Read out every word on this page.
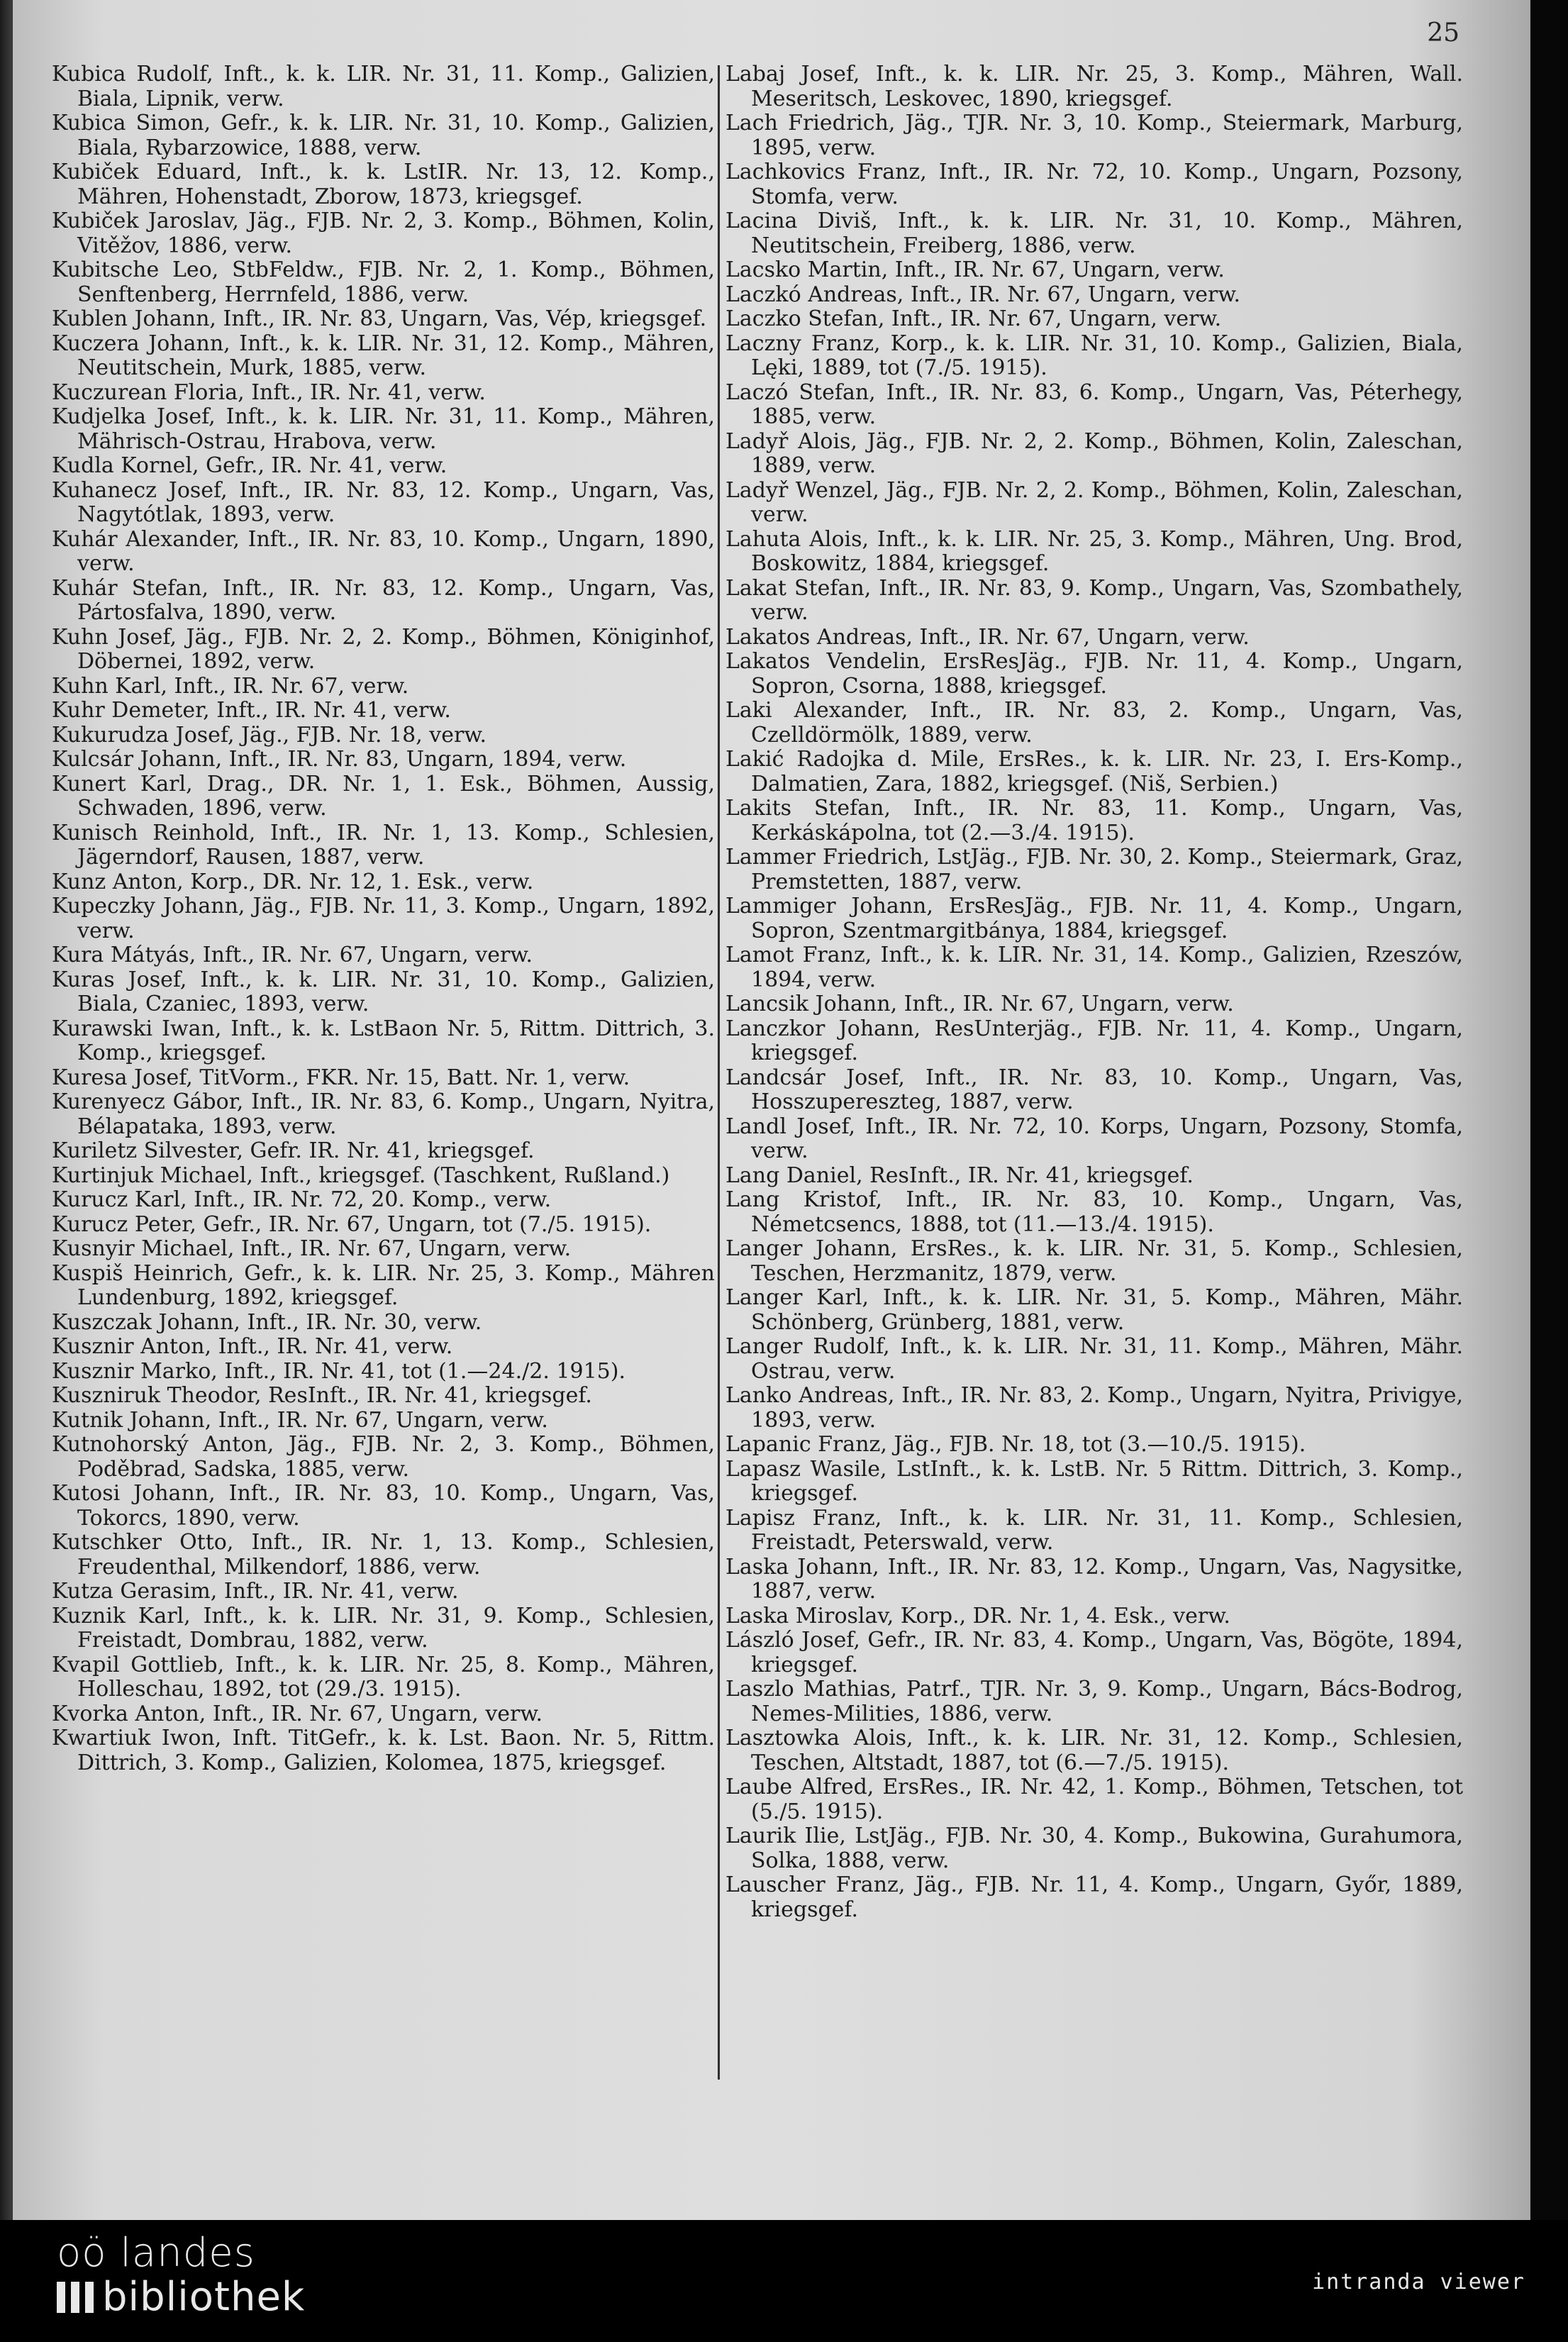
25

Kubica Rudolf, Inft., k. k. LIR. Nr. 31, 11. Komp., Galizien, Biala, Lipnik, verw.

Kubica Simon, Gefr., k. k. LIR. Nr. 31, 10. Komp., Galizien, Biala, Rybarzowice, 1888, verw.

Kubiček Eduard, Inft., k. k. LstIR. Nr. 13, 12. Komp., Mähren, Hohenstadt, Zborow, 1873, kriegsgef.

Kubiček Jaroslav, Jäg., FJB. Nr. 2, 3. Komp., Böhmen, Kolin, Vitěžov, 1886, verw.

Kubitsche Leo, StbFeldw., FJB. Nr. 2, 1. Komp., Böhmen, Senftenberg, Herrnfeld, 1886, verw.

Kublen Johann, Inft., IR. Nr. 83, Ungarn, Vas, Vép, kriegsgef.

Kuczera Johann, Inft., k. k. LIR. Nr. 31, 12. Komp., Mähren, Neutitschein, Murk, 1885, verw.

Kuczurean Floria, Inft., IR. Nr. 41, verw.

Kudjelka Josef, Inft., k. k. LIR. Nr. 31, 11. Komp., Mähren, Mährisch-Ostrau, Hrabova, verw.

Kudla Kornel, Gefr., IR. Nr. 41, verw.

Kuhanecz Josef, Inft., IR. Nr. 83, 12. Komp., Ungarn, Vas, Nagytótlak, 1893, verw.

Kuhár Alexander, Inft., IR. Nr. 83, 10. Komp., Ungarn, 1890, verw.

Kuhár Stefan, Inft., IR. Nr. 83, 12. Komp., Ungarn, Vas, Pártosfalva, 1890, verw.

Kuhn Josef, Jäg., FJB. Nr. 2, 2. Komp., Böhmen, Königinhof, Döbernei, 1892, verw.

Kuhn Karl, Inft., IR. Nr. 67, verw.

Kuhr Demeter, Inft., IR. Nr. 41, verw.

Kukurudza Josef, Jäg., FJB. Nr. 18, verw.

Kulcsár Johann, Inft., IR. Nr. 83, Ungarn, 1894, verw.

Kunert Karl, Drag., DR. Nr. 1, 1. Esk., Böhmen, Aussig, Schwaden, 1896, verw.

Kunisch Reinhold, Inft., IR. Nr. 1, 13. Komp., Schlesien, Jägerndorf, Rausen, 1887, verw.

Kunz Anton, Korp., DR. Nr. 12, 1. Esk., verw.

Kupeczky Johann, Jäg., FJB. Nr. 11, 3. Komp., Ungarn, 1892, verw.

Kura Mátyás, Inft., IR. Nr. 67, Ungarn, verw.

Kuras Josef, Inft., k. k. LIR. Nr. 31, 10. Komp., Galizien, Biala, Czaniec, 1893, verw.

Kurawski Iwan, Inft., k. k. LstBaon Nr. 5, Rittm. Dittrich, 3. Komp., kriegsgef.

Kuresa Josef, TitVorm., FKR. Nr. 15, Batt. Nr. 1, verw.

Kurenyecz Gábor, Inft., IR. Nr. 83, 6. Komp., Ungarn, Nyitra, Bélapataka, 1893, verw.

Kuriletz Silvester, Gefr. IR. Nr. 41, kriegsgef.

Kurtinjuk Michael, Inft., kriegsgef. (Taschkent, Rußland.)

Kurucz Karl, Inft., IR. Nr. 72, 20. Komp., verw.

Kurucz Peter, Gefr., IR. Nr. 67, Ungarn, tot (7./5. 1915).

Kusnyir Michael, Inft., IR. Nr. 67, Ungarn, verw.

Kuspiš Heinrich, Gefr., k. k. LIR. Nr. 25, 3. Komp., Mähren Lundenburg, 1892, kriegsgef.

Kuszczak Johann, Inft., IR. Nr. 30, verw.

Kusznir Anton, Inft., IR. Nr. 41, verw.

Kusznir Marko, Inft., IR. Nr. 41, tot (1.—24./2. 1915).

Kuszniruk Theodor, ResInft., IR. Nr. 41, kriegsgef.

Kutnik Johann, Inft., IR. Nr. 67, Ungarn, verw.

Kutnohorský Anton, Jäg., FJB. Nr. 2, 3. Komp., Böhmen, Poděbrad, Sadska, 1885, verw.

Kutosi Johann, Inft., IR. Nr. 83, 10. Komp., Ungarn, Vas, Tokorcs, 1890, verw.

Kutschker Otto, Inft., IR. Nr. 1, 13. Komp., Schlesien, Freudenthal, Milkendorf, 1886, verw.

Kutza Gerasim, Inft., IR. Nr. 41, verw.

Kuznik Karl, Inft., k. k. LIR. Nr. 31, 9. Komp., Schlesien, Freistadt, Dombrau, 1882, verw.

Kvapil Gottlieb, Inft., k. k. LIR. Nr. 25, 8. Komp., Mähren, Holleschau, 1892, tot (29./3. 1915).

Kvorka Anton, Inft., IR. Nr. 67, Ungarn, verw.

Kwartiuk Iwon, Inft. TitGefr., k. k. Lst. Baon. Nr. 5, Rittm. Dittrich, 3. Komp., Galizien, Kolomea, 1875, kriegsgef.

Labaj Josef, Inft., k. k. LIR. Nr. 25, 3. Komp., Mähren, Wall. Meseritsch, Leskovec, 1890, kriegsgef.

Lach Friedrich, Jäg., TJR. Nr. 3, 10. Komp., Steiermark, Marburg, 1895, verw.

Lachkovics Franz, Inft., IR. Nr. 72, 10. Komp., Ungarn, Pozsony, Stomfa, verw.

Lacina Diviš, Inft., k. k. LIR. Nr. 31, 10. Komp., Mähren, Neutitschein, Freiberg, 1886, verw.

Lacsko Martin, Inft., IR. Nr. 67, Ungarn, verw.

Laczkó Andreas, Inft., IR. Nr. 67, Ungarn, verw.

Laczko Stefan, Inft., IR. Nr. 67, Ungarn, verw.

Laczny Franz, Korp., k. k. LIR. Nr. 31, 10. Komp., Galizien, Biala, Lęki, 1889, tot (7./5. 1915).

Laczó Stefan, Inft., IR. Nr. 83, 6. Komp., Ungarn, Vas, Péterhegy, 1885, verw.

Ladyř Alois, Jäg., FJB. Nr. 2, 2. Komp., Böhmen, Kolin, Zaleschan, 1889, verw.

Ladyř Wenzel, Jäg., FJB. Nr. 2, 2. Komp., Böhmen, Kolin, Zaleschan, verw.

Lahuta Alois, Inft., k. k. LIR. Nr. 25, 3. Komp., Mähren, Ung. Brod, Boskowitz, 1884, kriegsgef.

Lakat Stefan, Inft., IR. Nr. 83, 9. Komp., Ungarn, Vas, Szombathely, verw.

Lakatos Andreas, Inft., IR. Nr. 67, Ungarn, verw.

Lakatos Vendelin, ErsResJäg., FJB. Nr. 11, 4. Komp., Ungarn, Sopron, Csorna, 1888, kriegsgef.

Laki Alexander, Inft., IR. Nr. 83, 2. Komp., Ungarn, Vas, Czelldörmölk, 1889, verw.

Lakić Radojka d. Mile, ErsRes., k. k. LIR. Nr. 23, I. Ers-Komp., Dalmatien, Zara, 1882, kriegsgef. (Niš, Serbien.)

Lakits Stefan, Inft., IR. Nr. 83, 11. Komp., Ungarn, Vas, Kerkáskápolna, tot (2.—3./4. 1915).

Lammer Friedrich, LstJäg., FJB. Nr. 30, 2. Komp., Steiermark, Graz, Premstetten, 1887, verw.

Lammiger Johann, ErsResJäg., FJB. Nr. 11, 4. Komp., Ungarn, Sopron, Szentmargitbánya, 1884, kriegsgef.

Lamot Franz, Inft., k. k. LIR. Nr. 31, 14. Komp., Galizien, Rzeszów, 1894, verw.

Lancsik Johann, Inft., IR. Nr. 67, Ungarn, verw.

Lanczkor Johann, ResUnterjäg., FJB. Nr. 11, 4. Komp., Ungarn, kriegsgef.

Landcsár Josef, Inft., IR. Nr. 83, 10. Komp., Ungarn, Vas, Hosszupereszteg, 1887, verw.

Landl Josef, Inft., IR. Nr. 72, 10. Korps, Ungarn, Pozsony, Stomfa, verw.

Lang Daniel, ResInft., IR. Nr. 41, kriegsgef.

Lang Kristof, Inft., IR. Nr. 83, 10. Komp., Ungarn, Vas, Németcsencs, 1888, tot (11.—13./4. 1915).

Langer Johann, ErsRes., k. k. LIR. Nr. 31, 5. Komp., Schlesien, Teschen, Herzmanitz, 1879, verw.

Langer Karl, Inft., k. k. LIR. Nr. 31, 5. Komp., Mähren, Mähr. Schönberg, Grünberg, 1881, verw.

Langer Rudolf, Inft., k. k. LIR. Nr. 31, 11. Komp., Mähren, Mähr. Ostrau, verw.

Lanko Andreas, Inft., IR. Nr. 83, 2. Komp., Ungarn, Nyitra, Privigye, 1893, verw.

Lapanic Franz, Jäg., FJB. Nr. 18, tot (3.—10./5. 1915).

Lapasz Wasile, LstInft., k. k. LstB. Nr. 5 Rittm. Dittrich, 3. Komp., kriegsgef.

Lapisz Franz, Inft., k. k. LIR. Nr. 31, 11. Komp., Schlesien, Freistadt, Peterswald, verw.

Laska Johann, Inft., IR. Nr. 83, 12. Komp., Ungarn, Vas, Nagysitke, 1887, verw.

Laska Miroslav, Korp., DR. Nr. 1, 4. Esk., verw.

László Josef, Gefr., IR. Nr. 83, 4. Komp., Ungarn, Vas, Bögöte, 1894, kriegsgef.

Laszlo Mathias, Patrf., TJR. Nr. 3, 9. Komp., Ungarn, Bács-Bodrog, Nemes-Milities, 1886, verw.

Lasztowka Alois, Inft., k. k. LIR. Nr. 31, 12. Komp., Schlesien, Teschen, Altstadt, 1887, tot (6.—7./5. 1915).

Laube Alfred, ErsRes., IR. Nr. 42, 1. Komp., Böhmen, Tetschen, tot (5./5. 1915).

Laurik Ilie, LstJäg., FJB. Nr. 30, 4. Komp., Bukowina, Gurahumora, Solka, 1888, verw.

Lauscher Franz, Jäg., FJB. Nr. 11, 4. Komp., Ungarn, Győr, 1889, kriegsgef.

oö landes
bibliothek	intranda viewer
